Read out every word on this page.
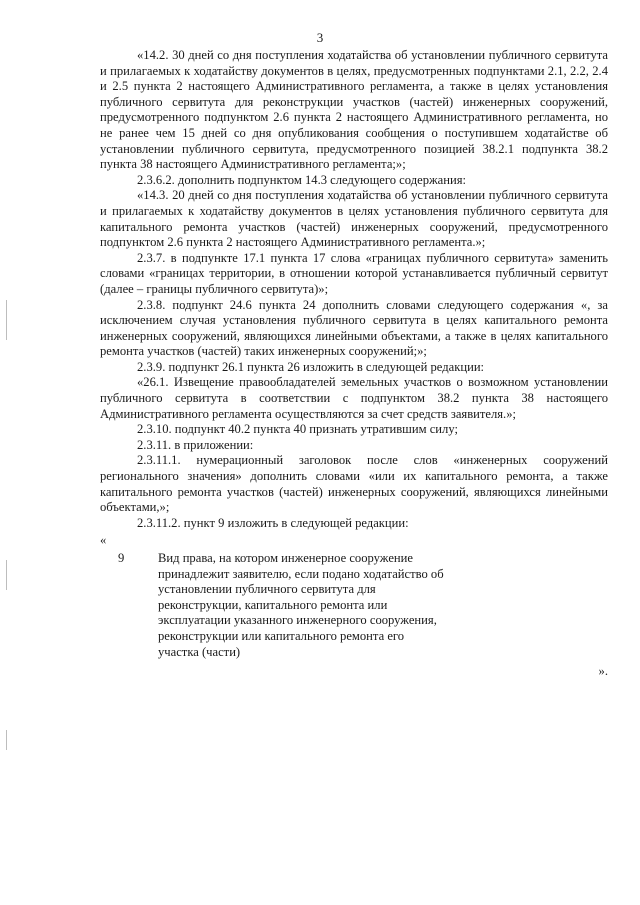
3

«14.2. 30 дней со дня поступления ходатайства об установлении публичного сервитута и прилагаемых к ходатайству документов в целях, предусмотренных подпунктами 2.1, 2.2, 2.4 и 2.5 пункта 2 настоящего Административного регламента, а также в целях установления публичного сервитута для реконструкции участков (частей) инженерных сооружений, предусмотренного подпунктом 2.6 пункта 2 настоящего Административного регламента, но не ранее чем 15 дней со дня опубликования сообщения о поступившем ходатайстве об установлении публичного сервитута, предусмотренного позицией 38.2.1 подпункта 38.2 пункта 38 настоящего Административного регламента;»;

2.3.6.2. дополнить подпунктом 14.3 следующего содержания:

«14.3. 20 дней со дня поступления ходатайства об установлении публичного сервитута и прилагаемых к ходатайству документов в целях установления публичного сервитута для капитального ремонта участков (частей) инженерных сооружений, предусмотренного подпунктом 2.6 пункта 2 настоящего Административного регламента.»;

2.3.7. в подпункте 17.1 пункта 17 слова «границах публичного сервитута» заменить словами «границах территории, в отношении которой устанавливается публичный сервитут (далее – границы публичного сервитута)»;

2.3.8. подпункт 24.6 пункта 24 дополнить словами следующего содержания «, за исключением случая установления публичного сервитута в целях капитального ремонта инженерных сооружений, являющихся линейными объектами, а также в целях капитального ремонта участков (частей) таких инженерных сооружений;»;

2.3.9. подпункт 26.1 пункта 26 изложить в следующей редакции:

«26.1. Извещение правообладателей земельных участков о возможном установлении публичного сервитута в соответствии с подпунктом 38.2 пункта 38 настоящего Административного регламента осуществляются за счет средств заявителя.»;

2.3.10. подпункт 40.2 пункта 40 признать утратившим силу;

2.3.11. в приложении:

2.3.11.1. нумерационный заголовок после слов «инженерных сооружений регионального значения» дополнить словами «или их капитального ремонта, а также капитального ремонта участков (частей) инженерных сооружений, являющихся линейными объектами,»;

2.3.11.2. пункт 9 изложить в следующей редакции:

«

9	Вид права, на котором инженерное сооружение принадлежит заявителю, если подано ходатайство об установлении публичного сервитута для реконструкции, капитального ремонта или эксплуатации указанного инженерного сооружения, реконструкции или капитального ремонта его участка (части)
».
